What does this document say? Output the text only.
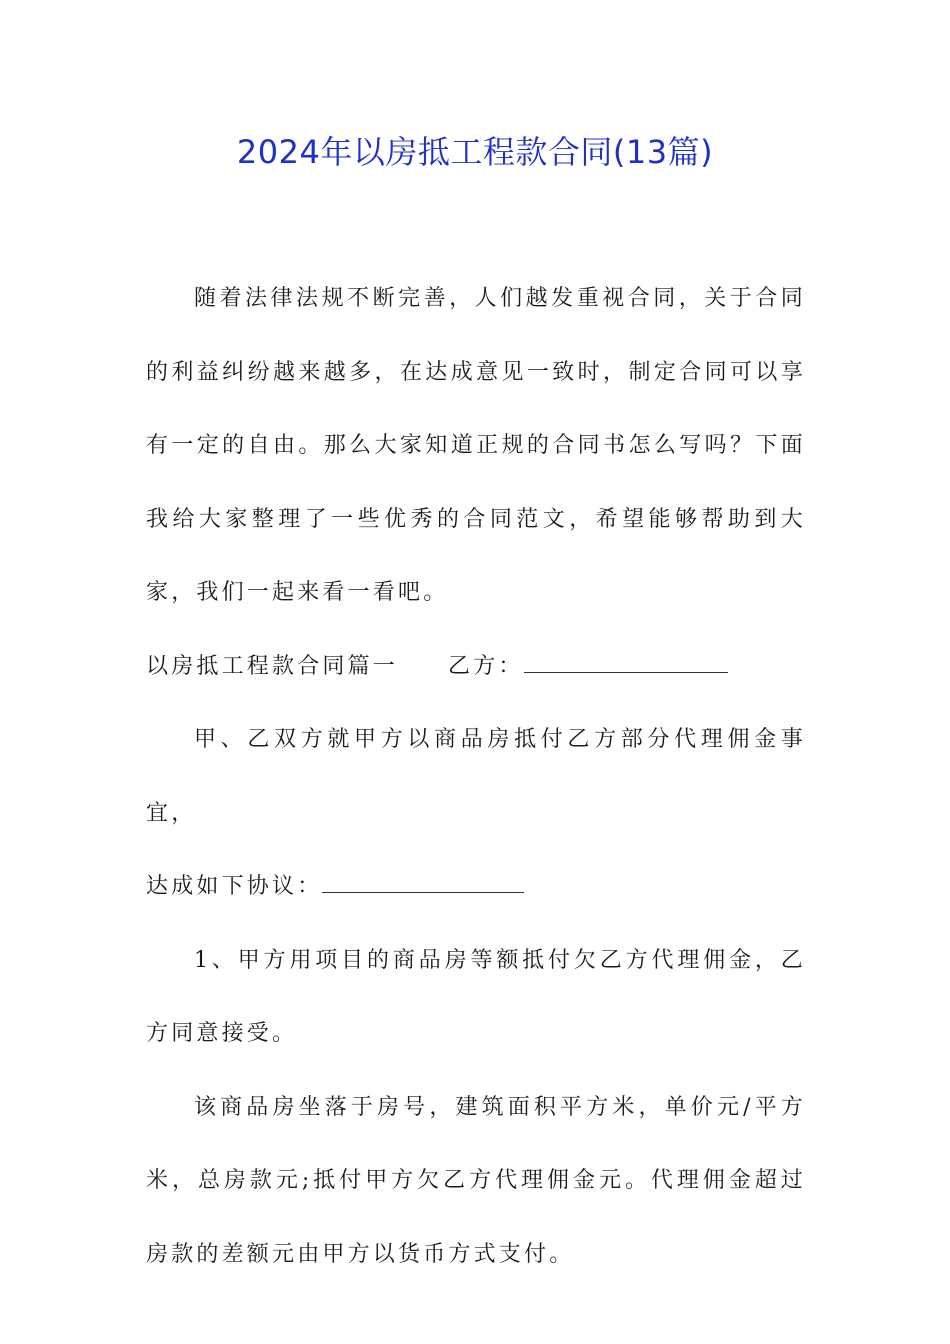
2024年以房抵工程款合同(13篇)

随着法律法规不断完善，人们越发重视合同，关于合同的利益纠纷越来越多，在达成意见一致时，制定合同可以享有一定的自由。那么大家知道正规的合同书怎么写吗？下面我给大家整理了一些优秀的合同范文，希望能够帮助到大家，我们一起来看一看吧。

以房抵工程款合同篇一 乙方：

甲、乙双方就甲方以商品房抵付乙方部分代理佣金事宜，

达成如下协议：

1、甲方用项目的商品房等额抵付欠乙方代理佣金，乙方同意接受。

该商品房坐落于房号，建筑面积平方米，单价元/平方米，总房款元;抵付甲方欠乙方代理佣金元。代理佣金超过房款的差额元由甲方以货币方式支付。
